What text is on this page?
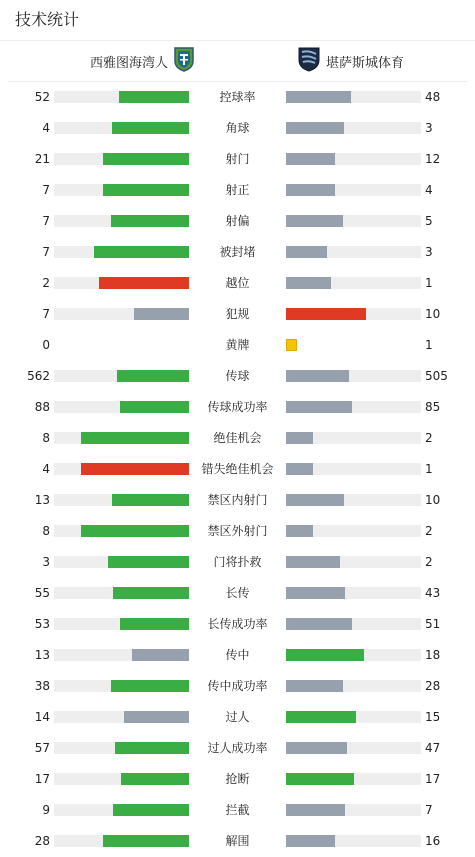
技术统计
西雅图海湾人	堪萨斯城体育
52	控球率	48
4	角球	3
21	射门	12
7	射正	4
7	射偏	5
7	被封堵	3
2	越位	1
7	犯规	10
0	黄牌	1
562	传球	505
88	传球成功率	85
8	绝佳机会	2
4	错失绝佳机会	1
13	禁区内射门	10
8	禁区外射门	2
3	门将扑救	2
55	长传	43
53	长传成功率	51
13	传中	18
38	传中成功率	28
14	过人	15
57	过人成功率	47
17	抢断	17
9	拦截	7
28	解围	16
